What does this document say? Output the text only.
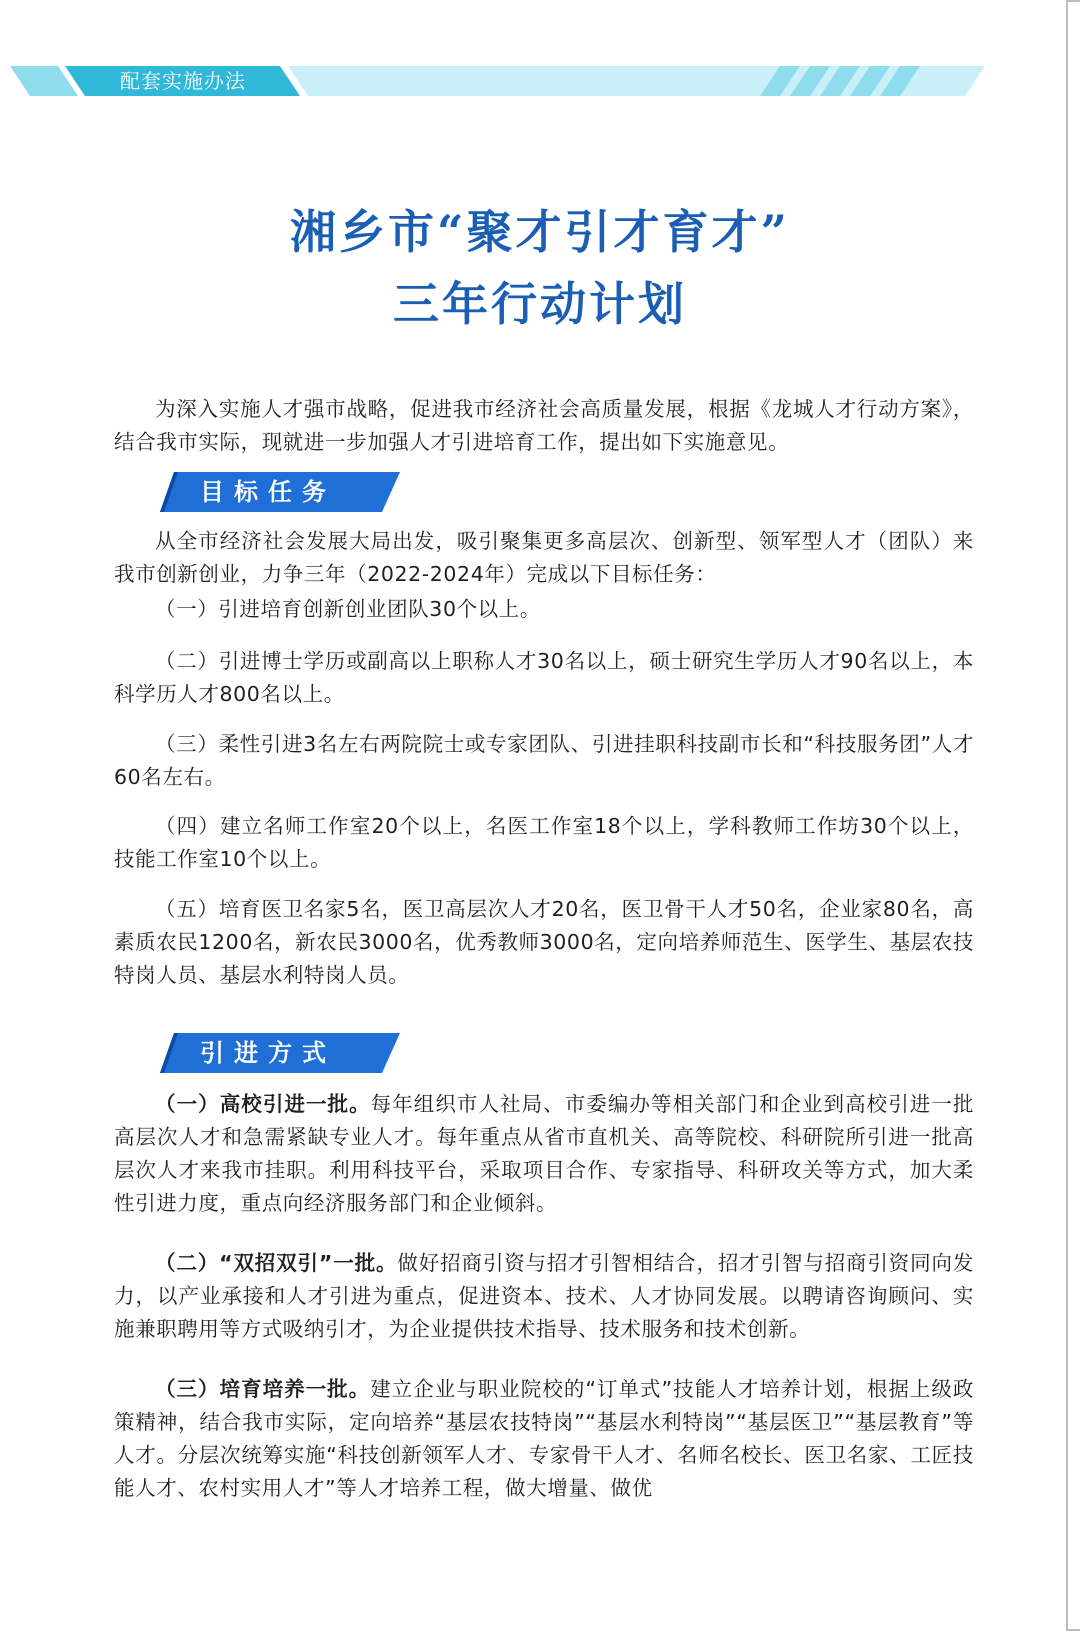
配套实施办法
湘乡市“聚才引才育才”
三年行动计划
为深入实施人才强市战略，促进我市经济社会高质量发展，根据《龙城人才行动方案》，结合我市实际，现就进一步加强人才引进培育工作，提出如下实施意见。
目标任务
从全市经济社会发展大局出发，吸引聚集更多高层次、创新型、领军型人才（团队）来我市创新创业，力争三年（2022-2024年）完成以下目标任务：
（一）引进培育创新创业团队30个以上。
（二）引进博士学历或副高以上职称人才30名以上，硕士研究生学历人才90名以上，本科学历人才800名以上。
（三）柔性引进3名左右两院院士或专家团队、引进挂职科技副市长和“科技服务团”人才60名左右。
（四）建立名师工作室20个以上，名医工作室18个以上，学科教师工作坊30个以上，技能工作室10个以上。
（五）培育医卫名家5名，医卫高层次人才20名，医卫骨干人才50名，企业家80名，高素质农民1200名，新农民3000名，优秀教师3000名，定向培养师范生、医学生、基层农技特岗人员、基层水利特岗人员。
引进方式
（一）高校引进一批。每年组织市人社局、市委编办等相关部门和企业到高校引进一批高层次人才和急需紧缺专业人才。每年重点从省市直机关、高等院校、科研院所引进一批高层次人才来我市挂职。利用科技平台，采取项目合作、专家指导、科研攻关等方式，加大柔性引进力度，重点向经济服务部门和企业倾斜。
（二）“双招双引”一批。做好招商引资与招才引智相结合，招才引智与招商引资同向发力，以产业承接和人才引进为重点，促进资本、技术、人才协同发展。以聘请咨询顾问、实施兼职聘用等方式吸纳引才，为企业提供技术指导、技术服务和技术创新。
（三）培育培养一批。建立企业与职业院校的“订单式”技能人才培养计划，根据上级政策精神，结合我市实际，定向培养“基层农技特岗”“基层水利特岗”“基层医卫”“基层教育”等人才。分层次统筹实施“科技创新领军人才、专家骨干人才、名师名校长、医卫名家、工匠技能人才、农村实用人才”等人才培养工程，做大增量、做优
